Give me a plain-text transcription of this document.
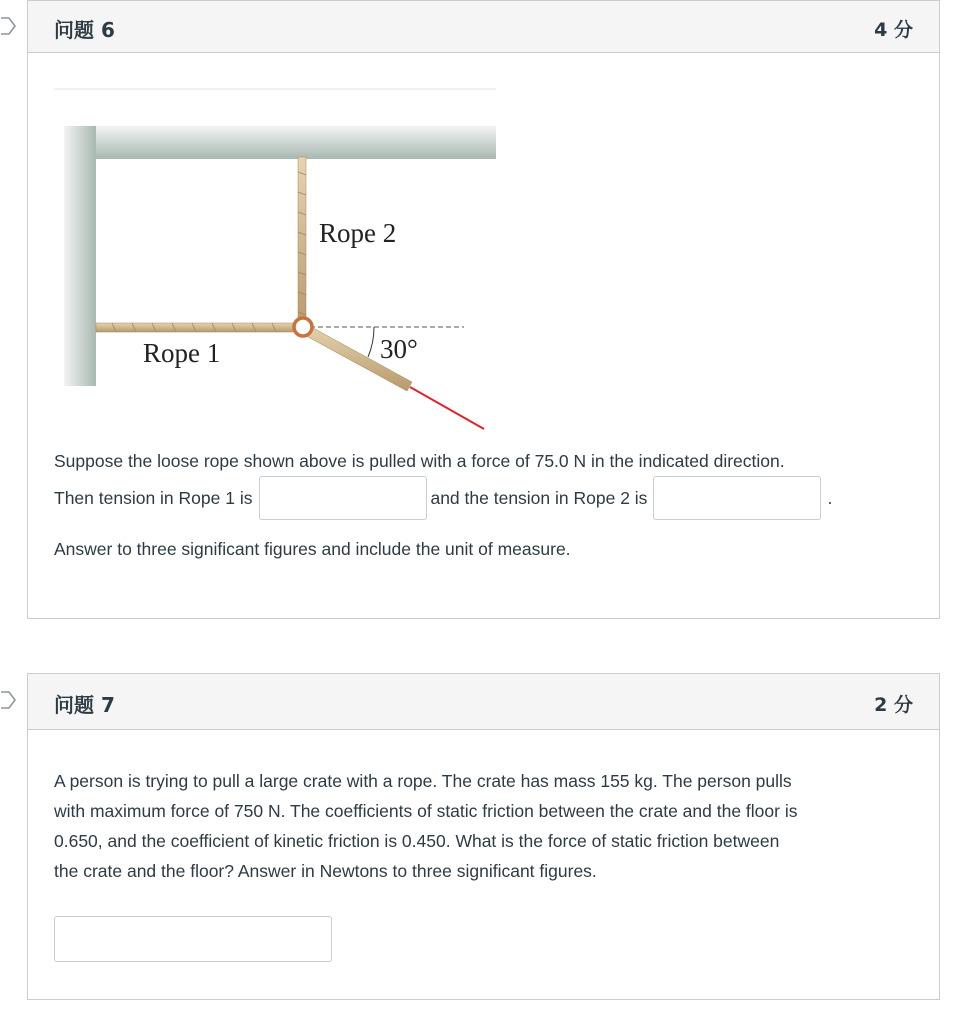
问题 6	4 分
Rope 2
Rope 1	30°
Suppose the loose rope shown above is pulled with a force of 75.0 N in the indicated direction.
Then tension in Rope 1 is	and the tension in Rope 2 is	.
Answer to three significant figures and include the unit of measure.
问题 7	2 分
A person is trying to pull a large crate with a rope. The crate has mass 155 kg. The person pulls
with maximum force of 750 N. The coefficients of static friction between the crate and the floor is
0.650, and the coefficient of kinetic friction is 0.450. What is the force of static friction between
the crate and the floor? Answer in Newtons to three significant figures.
